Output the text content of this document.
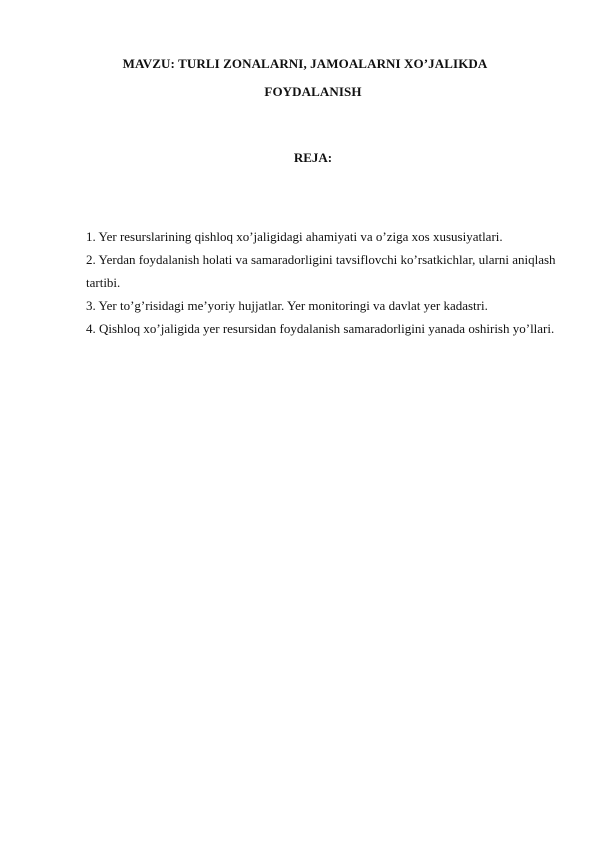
MAVZU: TURLI ZONALARNI, JAMOALARNI XO’JALIKDA
FOYDALANISH
REJA:
1. Yer resurslarining qishloq xo’jaligidagi ahamiyati va o’ziga xos xususiyatlari.
2. Yerdan foydalanish holati va samaradorligini tavsiflovchi ko’rsatkichlar, ularni aniqlash tartibi.
3. Yer to’g’risidagi me’yoriy hujjatlar. Yer monitoringi va davlat yer kadastri.
4. Qishloq xo’jaligida yer resursidan foydalanish samaradorligini yanada oshirish yo’llari.
